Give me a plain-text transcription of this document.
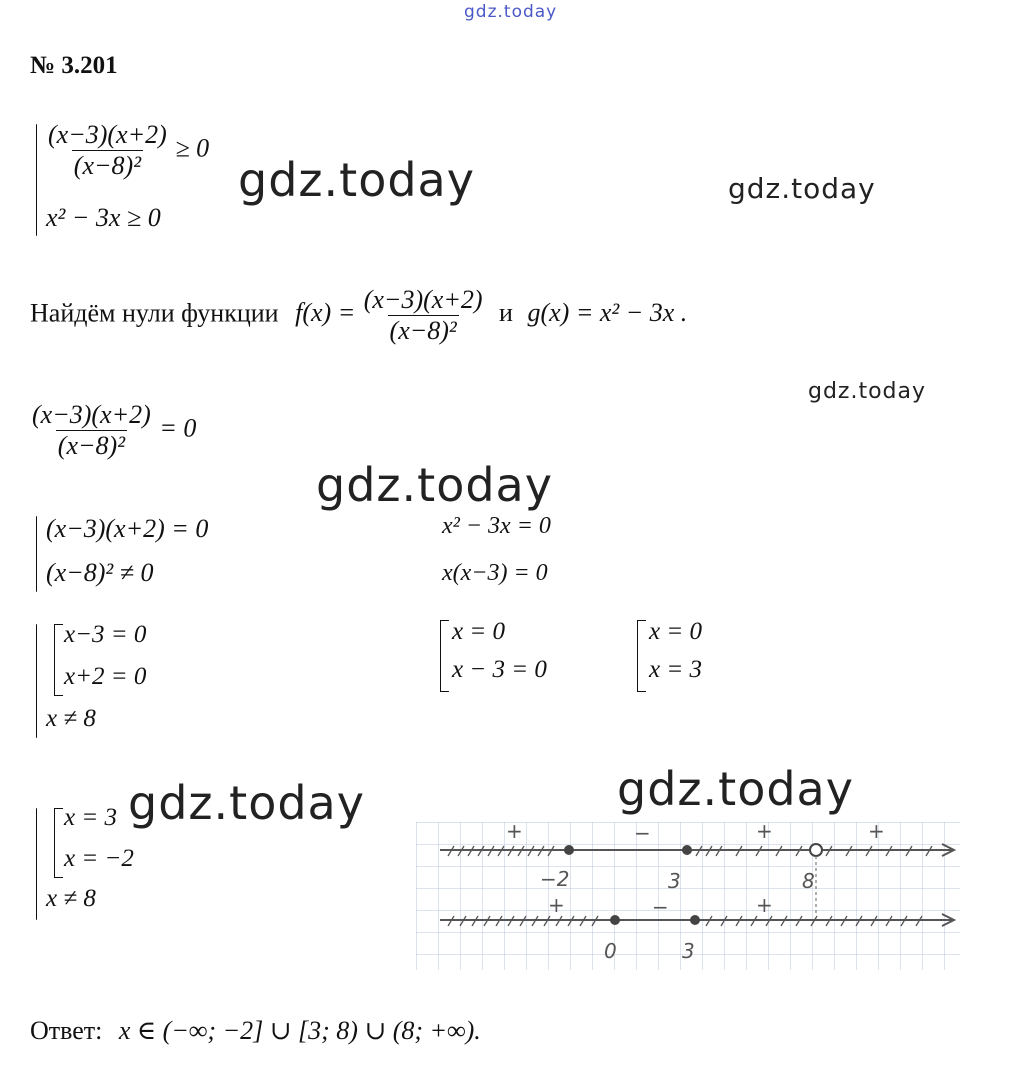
gdz.today
№ 3.201
$\frac{(x-3)(x+2)}{\text{(x−8)²}} \ge 0$
x² − 3x ≥ 0
gdz.today	gdz.today
gdz.today
gdz.today
gdz.today	gdz.today
Найдём нули функции $f(x) = \frac{(x-3)(x+2)}{\text{(x−8)²}}$ и g(x) = x² − 3x .
$\frac{(x-3)(x+2)}{\text{(x−8)²}} = 0$
(x−3)(x+2) = 0
(x−8)² ≠ 0
x² − 3x = 0
x(x−3) = 0
x = 0
x − 3 = 0
x = 0
x = 3
x−3 = 0
x+2 = 0
x ≠ 8
x = 3
x = −2
x ≠ 8
+	−	+	+
−2	3	8
+	−	+
0	3
Ответ: x ∈ (−∞; −2] ∪ [3; 8) ∪ (8; +∞).
